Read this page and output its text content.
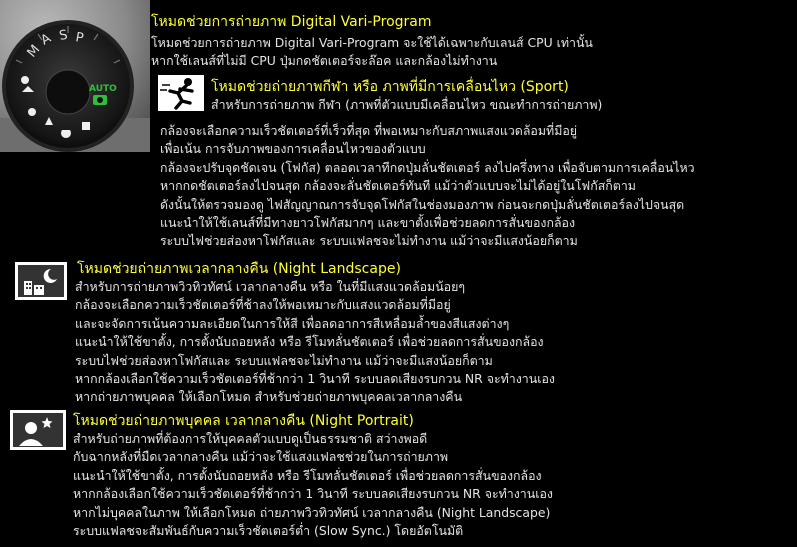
M
A S P
AUTO
โหมดช่วยการถ่ายภาพ Digital Vari-Program
โหมดช่วยการถ่ายภาพ Digital Vari-Program จะใช้ได้เฉพาะกับเลนส์ CPU เท่านั้น
หากใช้เลนส์ที่ไม่มี CPU ปุ่มกดชัตเตอร์จะล๊อค และกล้องไม่ทำงาน
โหมดช่วยถ่ายภาพกีฬา หรือ ภาพที่มีการเคลื่อนไหว (Sport)
สำหรับการถ่ายภาพ กีฬา (ภาพที่ตัวแบบมีเคลื่อนไหว ขณะทำการถ่ายภาพ)
กล้องจะเลือกความเร็วชัตเตอร์ที่เร็วที่สุด ที่พอเหมาะกับสภาพแสงแวดล้อมที่มีอยู่
เพื่อเน้น การจับภาพของการเคลื่อนไหวของตัวแบบ
กล้องจะปรับจุดชัดเจน (โฟกัส) ตลอดเวลาทีกดปุ่มลั่นชัตเตอร์ ลงไปครึ่งทาง เพื่อจับตามการเคลื่อนไหว
หากกดชัตเตอร์ลงไปจนสุด กล้องจะลั่นชัตเตอร์ทันที แม้ว่าตัวแบบจะไม่ได้อยู่ในโฟกัสก็ตาม
ดังนั้นให้ตรวจมองดู ไฟสัญญาณการจับจุดโฟกัสในช่องมองภาพ ก่อนจะกดปุ่มลั่นชัตเตอร์ลงไปจนสุด
แนะนำให้ใช้เลนส์ที่มีทางยาวโฟกัสมากๆ และขาตั้งเพื่อช่วยลดการสั่นของกล้อง
ระบบไฟช่วยส่องหาโฟกัสและ ระบบแฟลชจะไม่ทำงาน แม้ว่าจะมีแสงน้อยก็ตาม
โหมดช่วยถ่ายภาพเวลากลางคืน (Night Landscape)
สำหรับการถ่ายภาพวิวทิวทัศน์ เวลากลางคืน หรือ ในที่มีแสงแวดล้อมน้อยๆ
กล้องจะเลือกความเร็วชัตเตอร์ที่ช้าลงให้พอเหมาะกับแสงแวดล้อมที่มีอยู่
และจะจัดการเน้นความละเอียดในการให้สี เพื่อลดอาการสีเหลื่อมล้ำของสีแสงต่างๆ
แนะนำให้ใช้ขาตั้ง, การตั้งนับถอยหลัง หรือ รีโมทลั่นชัตเตอร์ เพื่อช่วยลดการสั่นของกล้อง
ระบบไฟช่วยส่องหาโฟกัสและ ระบบแฟลชจะไม่ทำงาน แม้ว่าจะมีแสงน้อยก็ตาม
หากกล้องเลือกใช้ความเร็วชัตเตอร์ที่ช้ากว่า 1 วินาที ระบบลดเสียงรบกวน NR จะทำงานเอง
หากถ่ายภาพบุคคล ให้เลือกโหมด สำหรับช่วยถ่ายภาพบุคคลเวลากลางคืน
โหมดช่วยถ่ายภาพบุคคล เวลากลางคืน (Night Portrait)
สำหรับถ่ายภาพที่ต้องการให้บุคคลตัวแบบดูเป็นธรรมชาติ สว่างพอดี
กับฉากหลังที่มืดเวลากลางคืน แม้ว่าจะใช้แสงแฟลชช่วยในการถ่ายภาพ
แนะนำให้ใช้ขาตั้ง, การตั้งนับถอยหลัง หรือ รีโมทลั่นชัตเตอร์ เพื่อช่วยลดการสั่นของกล้อง
หากกล้องเลือกใช้ความเร็วชัตเตอร์ที่ช้ากว่า 1 วินาที ระบบลดเสียงรบกวน NR จะทำงานเอง
หากไม่บุคคลในภาพ ให้เลือกโหมด ถ่ายภาพวิวทิวทัศน์ เวลากลางคืน (Night Landscape)
ระบบแฟลชจะสัมพันธ์กับความเร็วชัตเตอร์ต่ำ (Slow Sync.) โดยอัตโนมัติ
